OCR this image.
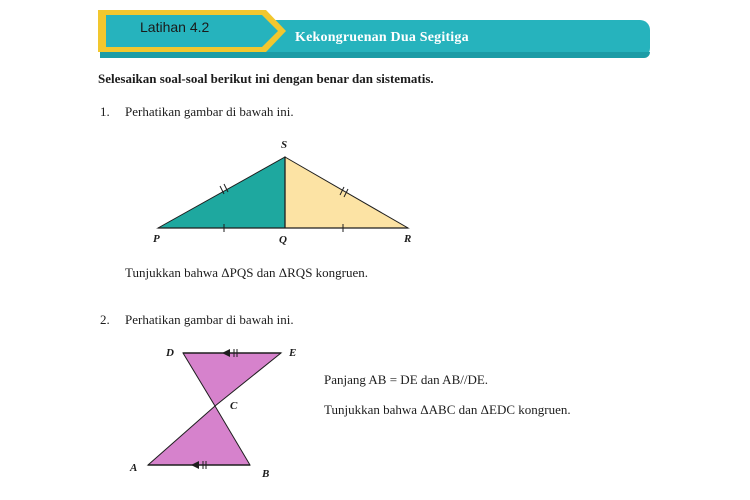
Latihan 4.2
Kekongruenan Dua Segitiga
Selesaikan soal-soal berikut ini dengan benar dan sistematis.
1. Perhatikan gambar di bawah ini.
S
P	Q	R
Tunjukkan bahwa ΔPQS dan ΔRQS kongruen.
2. Perhatikan gambar di bawah ini.
D	E
C
A	B
Panjang AB = DE dan AB//DE.
Tunjukkan bahwa ΔABC dan ΔEDC kongruen.
